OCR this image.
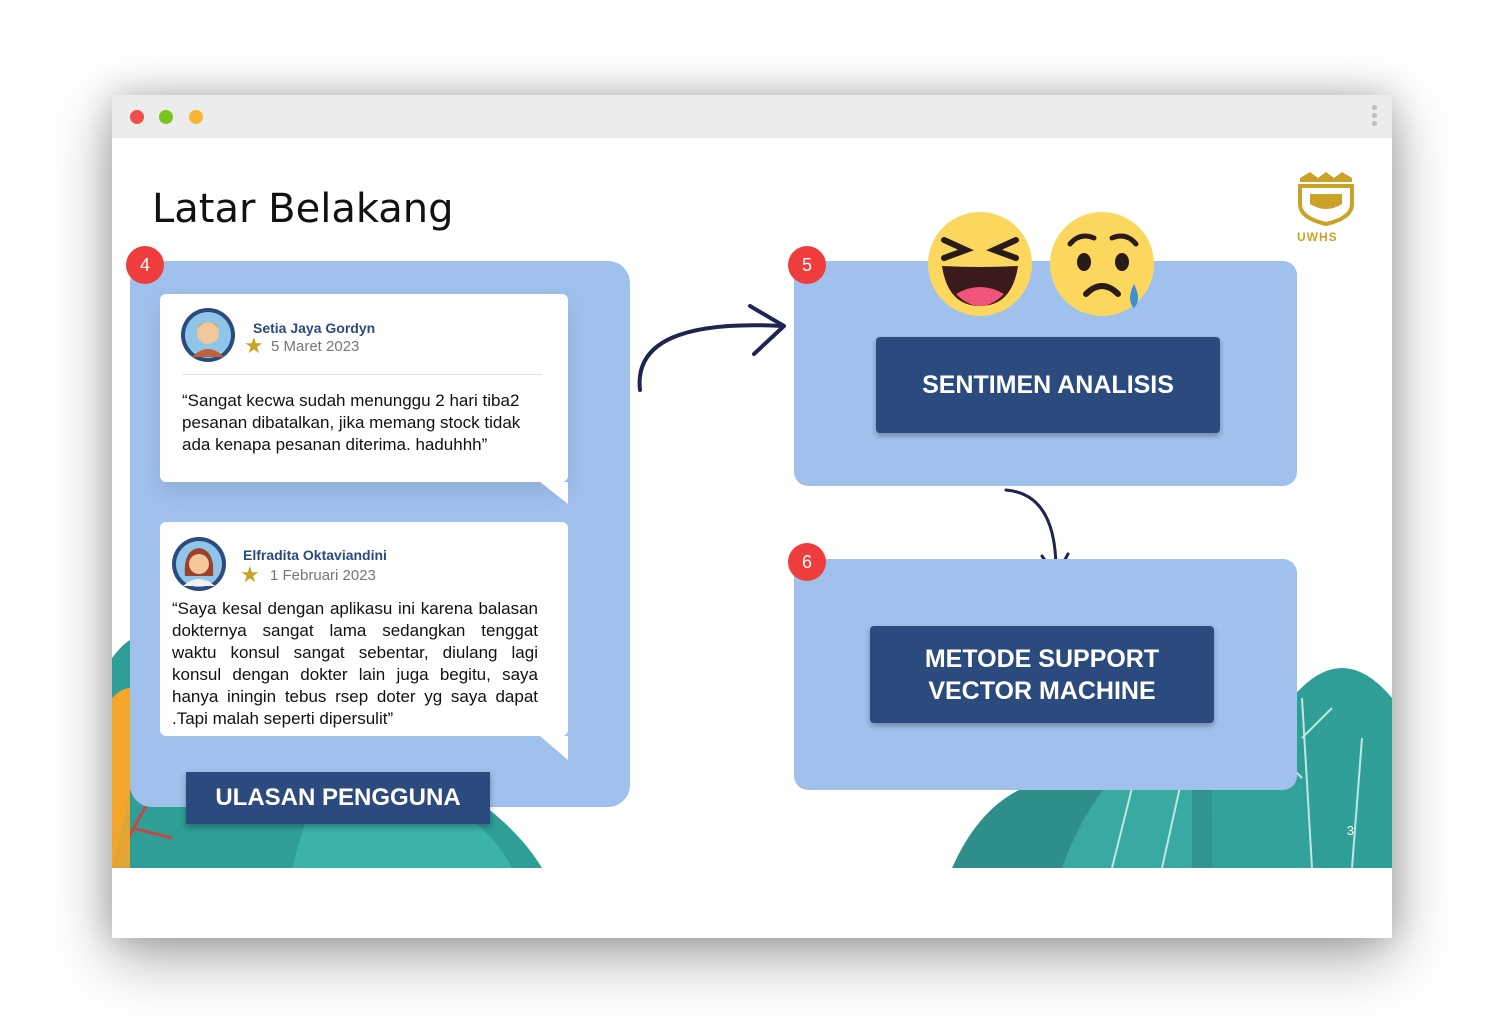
Latar Belakang
UWHS
4
Setia Jaya Gordyn
★ 5 Maret 2023
“Sangat kecwa sudah menunggu 2 hari tiba2 pesanan dibatalkan, jika memang stock tidak ada kenapa pesanan diterima. haduhhh”
Elfradita Oktaviandini
★ 1 Februari 2023
“Saya kesal dengan aplikasu ini karena balasan dokternya sangat lama sedangkan tenggat waktu konsul sangat sebentar, diulang lagi konsul dengan dokter lain juga begitu, saya hanya iningin tebus rsep doter yg saya dapat .Tapi malah seperti dipersulit”
ULASAN PENGGUNA
5
SENTIMEN ANALISIS
6
METODE SUPPORT VECTOR MACHINE
3
